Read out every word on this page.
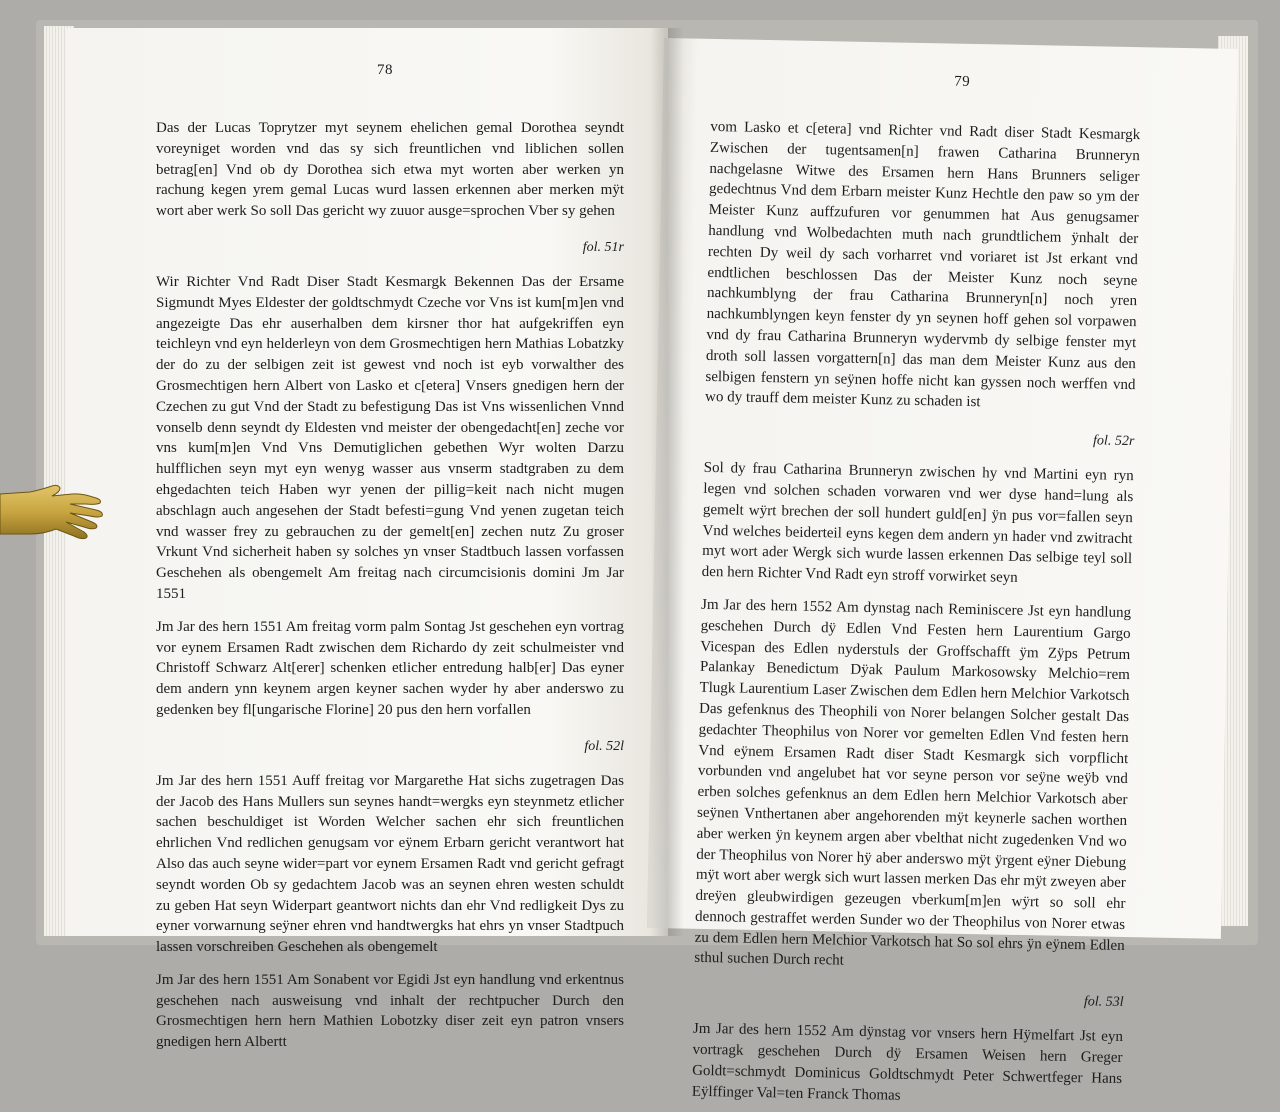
78

Das der Lucas Toprytzer myt seynem ehelichen gemal Dorothea seyndt voreyniget worden vnd das sy sich freuntlichen vnd liblichen sollen betrag[en] Vnd ob dy Dorothea sich etwa myt worten aber werken yn rachung kegen yrem gemal Lucas wurd lassen erkennen aber merken mÿt wort aber werk So soll Das gericht wy zuuor ausge=sprochen Vber sy gehen

fol. 51r

Wir Richter Vnd Radt Diser Stadt Kesmargk Bekennen Das der Ersame Sigmundt Myes Eldester der goldtschmydt Czeche vor Vns ist kum[m]en vnd angezeigte Das ehr auserhalben dem kirsner thor hat aufgekriffen eyn teichleyn vnd eyn helderleyn von dem Grosmechtigen hern Mathias Lobatzky der do zu der selbigen zeit ist gewest vnd noch ist eyb vorwalther des Grosmechtigen hern Albert von Lasko et c[etera] Vnsers gnedigen hern der Czechen zu gut Vnd der Stadt zu befestigung Das ist Vns wissenlichen Vnnd vonselb denn seyndt dy Eldesten vnd meister der obengedacht[en] zeche vor vns kum[m]en Vnd Vns Demutiglichen gebethen Wyr wolten Darzu hulfflichen seyn myt eyn wenyg wasser aus vnserm stadtgraben zu dem ehgedachten teich Haben wyr yenen der pillig=keit nach nicht mugen abschlagn auch angesehen der Stadt befesti=gung Vnd yenen zugetan teich vnd wasser frey zu gebrauchen zu der gemelt[en] zechen nutz Zu groser Vrkunt Vnd sicherheit haben sy solches yn vnser Stadtbuch lassen vorfassen Geschehen als obengemelt Am freitag nach circumcisionis domini Jm Jar 1551

Jm Jar des hern 1551 Am freitag vorm palm Sontag Jst geschehen eyn vortrag vor eynem Ersamen Radt zwischen dem Richardo dy zeit schulmeister vnd Christoff Schwarz Alt[erer] schenken etlicher entredung halb[er] Das eyner dem andern ynn keynem argen keyner sachen wyder hy aber anderswo zu gedenken bey fl[ungarische Florine] 20 pus den hern vorfallen

fol. 52l

Jm Jar des hern 1551 Auff freitag vor Margarethe Hat sichs zugetragen Das der Jacob des Hans Mullers sun seynes handt=wergks eyn steynmetz etlicher sachen beschuldiget ist Worden Welcher sachen ehr sich freuntlichen ehrlichen Vnd redlichen genugsam vor eÿnem Erbarn gericht verantwort hat Also das auch seyne wider=part vor eynem Ersamen Radt vnd gericht gefragt seyndt worden Ob sy gedachtem Jacob was an seynen ehren westen schuldt zu geben Hat seyn Widerpart geantwort nichts dan ehr Vnd redligkeit Dys zu eyner vorwarnung seÿner ehren vnd handtwergks hat ehrs yn vnser Stadtpuch lassen vorschreiben Geschehen als obengemelt

Jm Jar des hern 1551 Am Sonabent vor Egidi Jst eyn handlung vnd erkentnus geschehen nach ausweisung vnd inhalt der rechtpucher Durch den Grosmechtigen hern hern Mathien Lobotzky diser zeit eyn patron vnsers gnedigen hern Albertt

79

vom Lasko et c[etera] vnd Richter vnd Radt diser Stadt Kesmargk Zwischen der tugentsamen[n] frawen Catharina Brunneryn nachgelasne Witwe des Ersamen hern Hans Brunners seliger gedechtnus Vnd dem Erbarn meister Kunz Hechtle den paw so ym der Meister Kunz auffzufuren vor genummen hat Aus genugsamer handlung vnd Wolbedachten muth nach grundtlichem ÿnhalt der rechten Dy weil dy sach vorharret vnd voriaret ist Jst erkant vnd endtlichen beschlossen Das der Meister Kunz noch seyne nachkumblyng der frau Catharina Brunneryn[n] noch yren nachkumblyngen keyn fenster dy yn seynen hoff gehen sol vorpawen vnd dy frau Catharina Brunneryn wydervmb dy selbige fenster myt droth soll lassen vorgattern[n] das man dem Meister Kunz aus den selbigen fenstern yn seÿnen hoffe nicht kan gyssen noch werffen vnd wo dy trauff dem meister Kunz zu schaden ist

fol. 52r

Sol dy frau Catharina Brunneryn zwischen hy vnd Martini eyn ryn legen vnd solchen schaden vorwaren vnd wer dyse hand=lung als gemelt wÿrt brechen der soll hundert guld[en] ÿn pus vor=fallen seyn Vnd welches beiderteil eyns kegen dem andern yn hader vnd zwitracht myt wort ader Wergk sich wurde lassen erkennen Das selbige teyl soll den hern Richter Vnd Radt eyn stroff vorwirket seyn

Jm Jar des hern 1552 Am dynstag nach Reminiscere Jst eyn handlung geschehen Durch dÿ Edlen Vnd Festen hern Laurentium Gargo Vicespan des Edlen nyderstuls der Groffschafft ÿm Zÿps Petrum Palankay Benedictum Dÿak Paulum Markosowsky Melchio=rem Tlugk Laurentium Laser Zwischen dem Edlen hern Melchior Varkotsch Das gefenknus des Theophili von Norer belangen Solcher gestalt Das gedachter Theophilus von Norer vor gemelten Edlen Vnd festen hern Vnd eÿnem Ersamen Radt diser Stadt Kesmargk sich vorpflicht vorbunden vnd angelubet hat vor seyne person vor seÿne weÿb vnd erben solches gefenknus an dem Edlen hern Melchior Varkotsch aber seÿnen Vnthertanen aber angehorenden mÿt keynerle sachen worthen aber werken ÿn keynem argen aber vbelthat nicht zugedenken Vnd wo der Theophilus von Norer hÿ aber anderswo mÿt ÿrgent eÿner Diebung mÿt wort aber wergk sich wurt lassen merken Das ehr mÿt zweyen aber dreÿen gleubwirdigen gezeugen vberkum[m]en wÿrt so soll ehr dennoch gestraffet werden Sunder wo der Theophilus von Norer etwas zu dem Edlen hern Melchior Varkotsch hat So sol ehrs ÿn eÿnem Edlen sthul suchen Durch recht

fol. 53l

Jm Jar des hern 1552 Am dÿnstag vor vnsers hern Hÿmelfart Jst eyn vortragk geschehen Durch dÿ Ersamen Weisen hern Greger Goldt=schmydt Dominicus Goldtschmydt Peter Schwertfeger Hans Eÿlffinger Val=ten Franck Thomas
